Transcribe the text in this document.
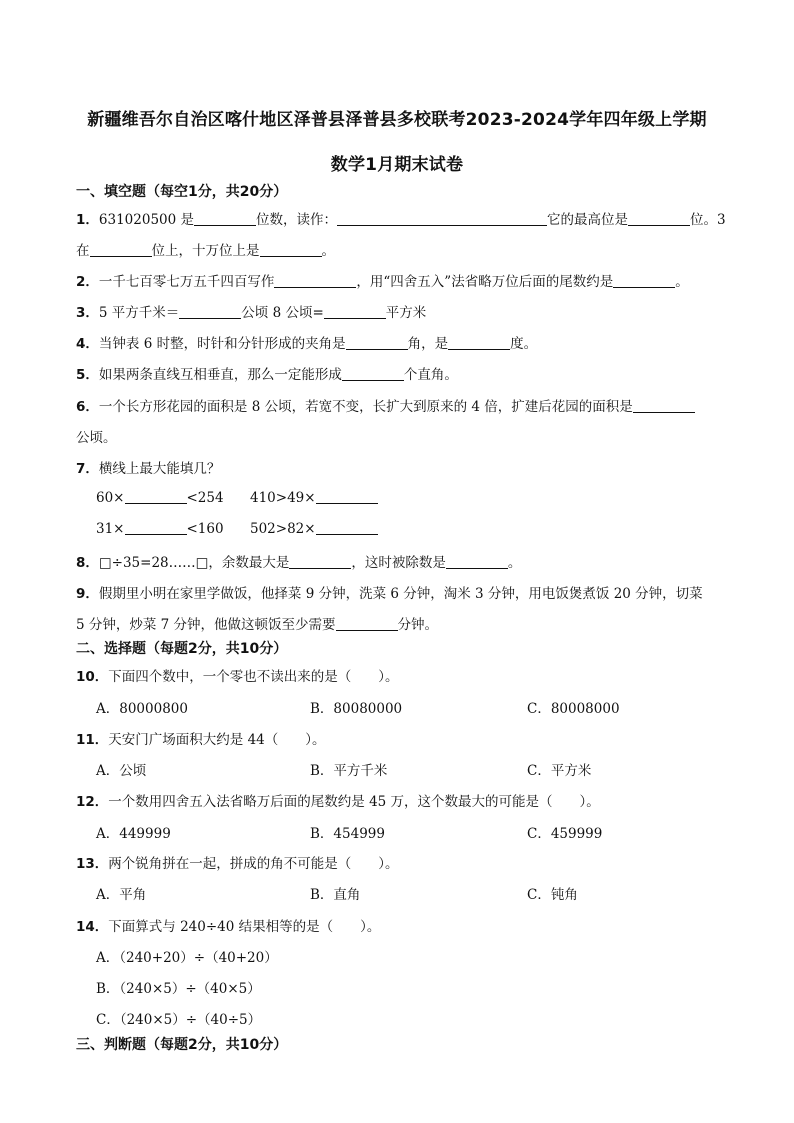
新疆维吾尔自治区喀什地区泽普县泽普县多校联考2023-2024学年四年级上学期
数学1月期末试卷
一、填空题（每空1分，共20分）
1．631020500 是	位数，读作：	它的最高位是	位。3
在	位上，十万位上是	。
2．一千七百零七万五千四百写作	，用“四舍五入”法省略万位后面的尾数约是	。
3．5 平方千米＝	公顷 8 公顷=	平方米
4．当钟表 6 时整，时针和分针形成的夹角是	角，是	度。
5．如果两条直线互相垂直，那么一定能形成	个直角。
6．一个长方形花园的面积是 8 公顷，若宽不变，长扩大到原来的 4 倍，扩建后花园的面积是
公顷。
7．横线上最大能填几？
60×	<254 410>49×
31×	<160 502>82×
8．□÷35=28……□，余数最大是	，这时被除数是	。
9．假期里小明在家里学做饭，他择菜 9 分钟，洗菜 6 分钟，淘米 3 分钟，用电饭煲煮饭 20 分钟，切菜
5 分钟，炒菜 7 分钟，他做这顿饭至少需要	分钟。
二、选择题（每题2分，共10分）
10．下面四个数中，一个零也不读出来的是（　　）。
A．80000800	B．80080000	C．80008000
11．天安门广场面积大约是 44（　　）。
A．公顷	B．平方千米	C．平方米
12．一个数用四舍五入法省略万后面的尾数约是 45 万，这个数最大的可能是（　　）。
A．449999	B．454999	C．459999
13．两个锐角拼在一起，拼成的角不可能是（　　）。
A．平角	B．直角	C．钝角
14．下面算式与 240÷40 结果相等的是（　　）。
A．（240+20）÷（40+20）
B．（240×5）÷（40×5）
C．（240×5）÷（40÷5）
三、判断题（每题2分，共10分）
